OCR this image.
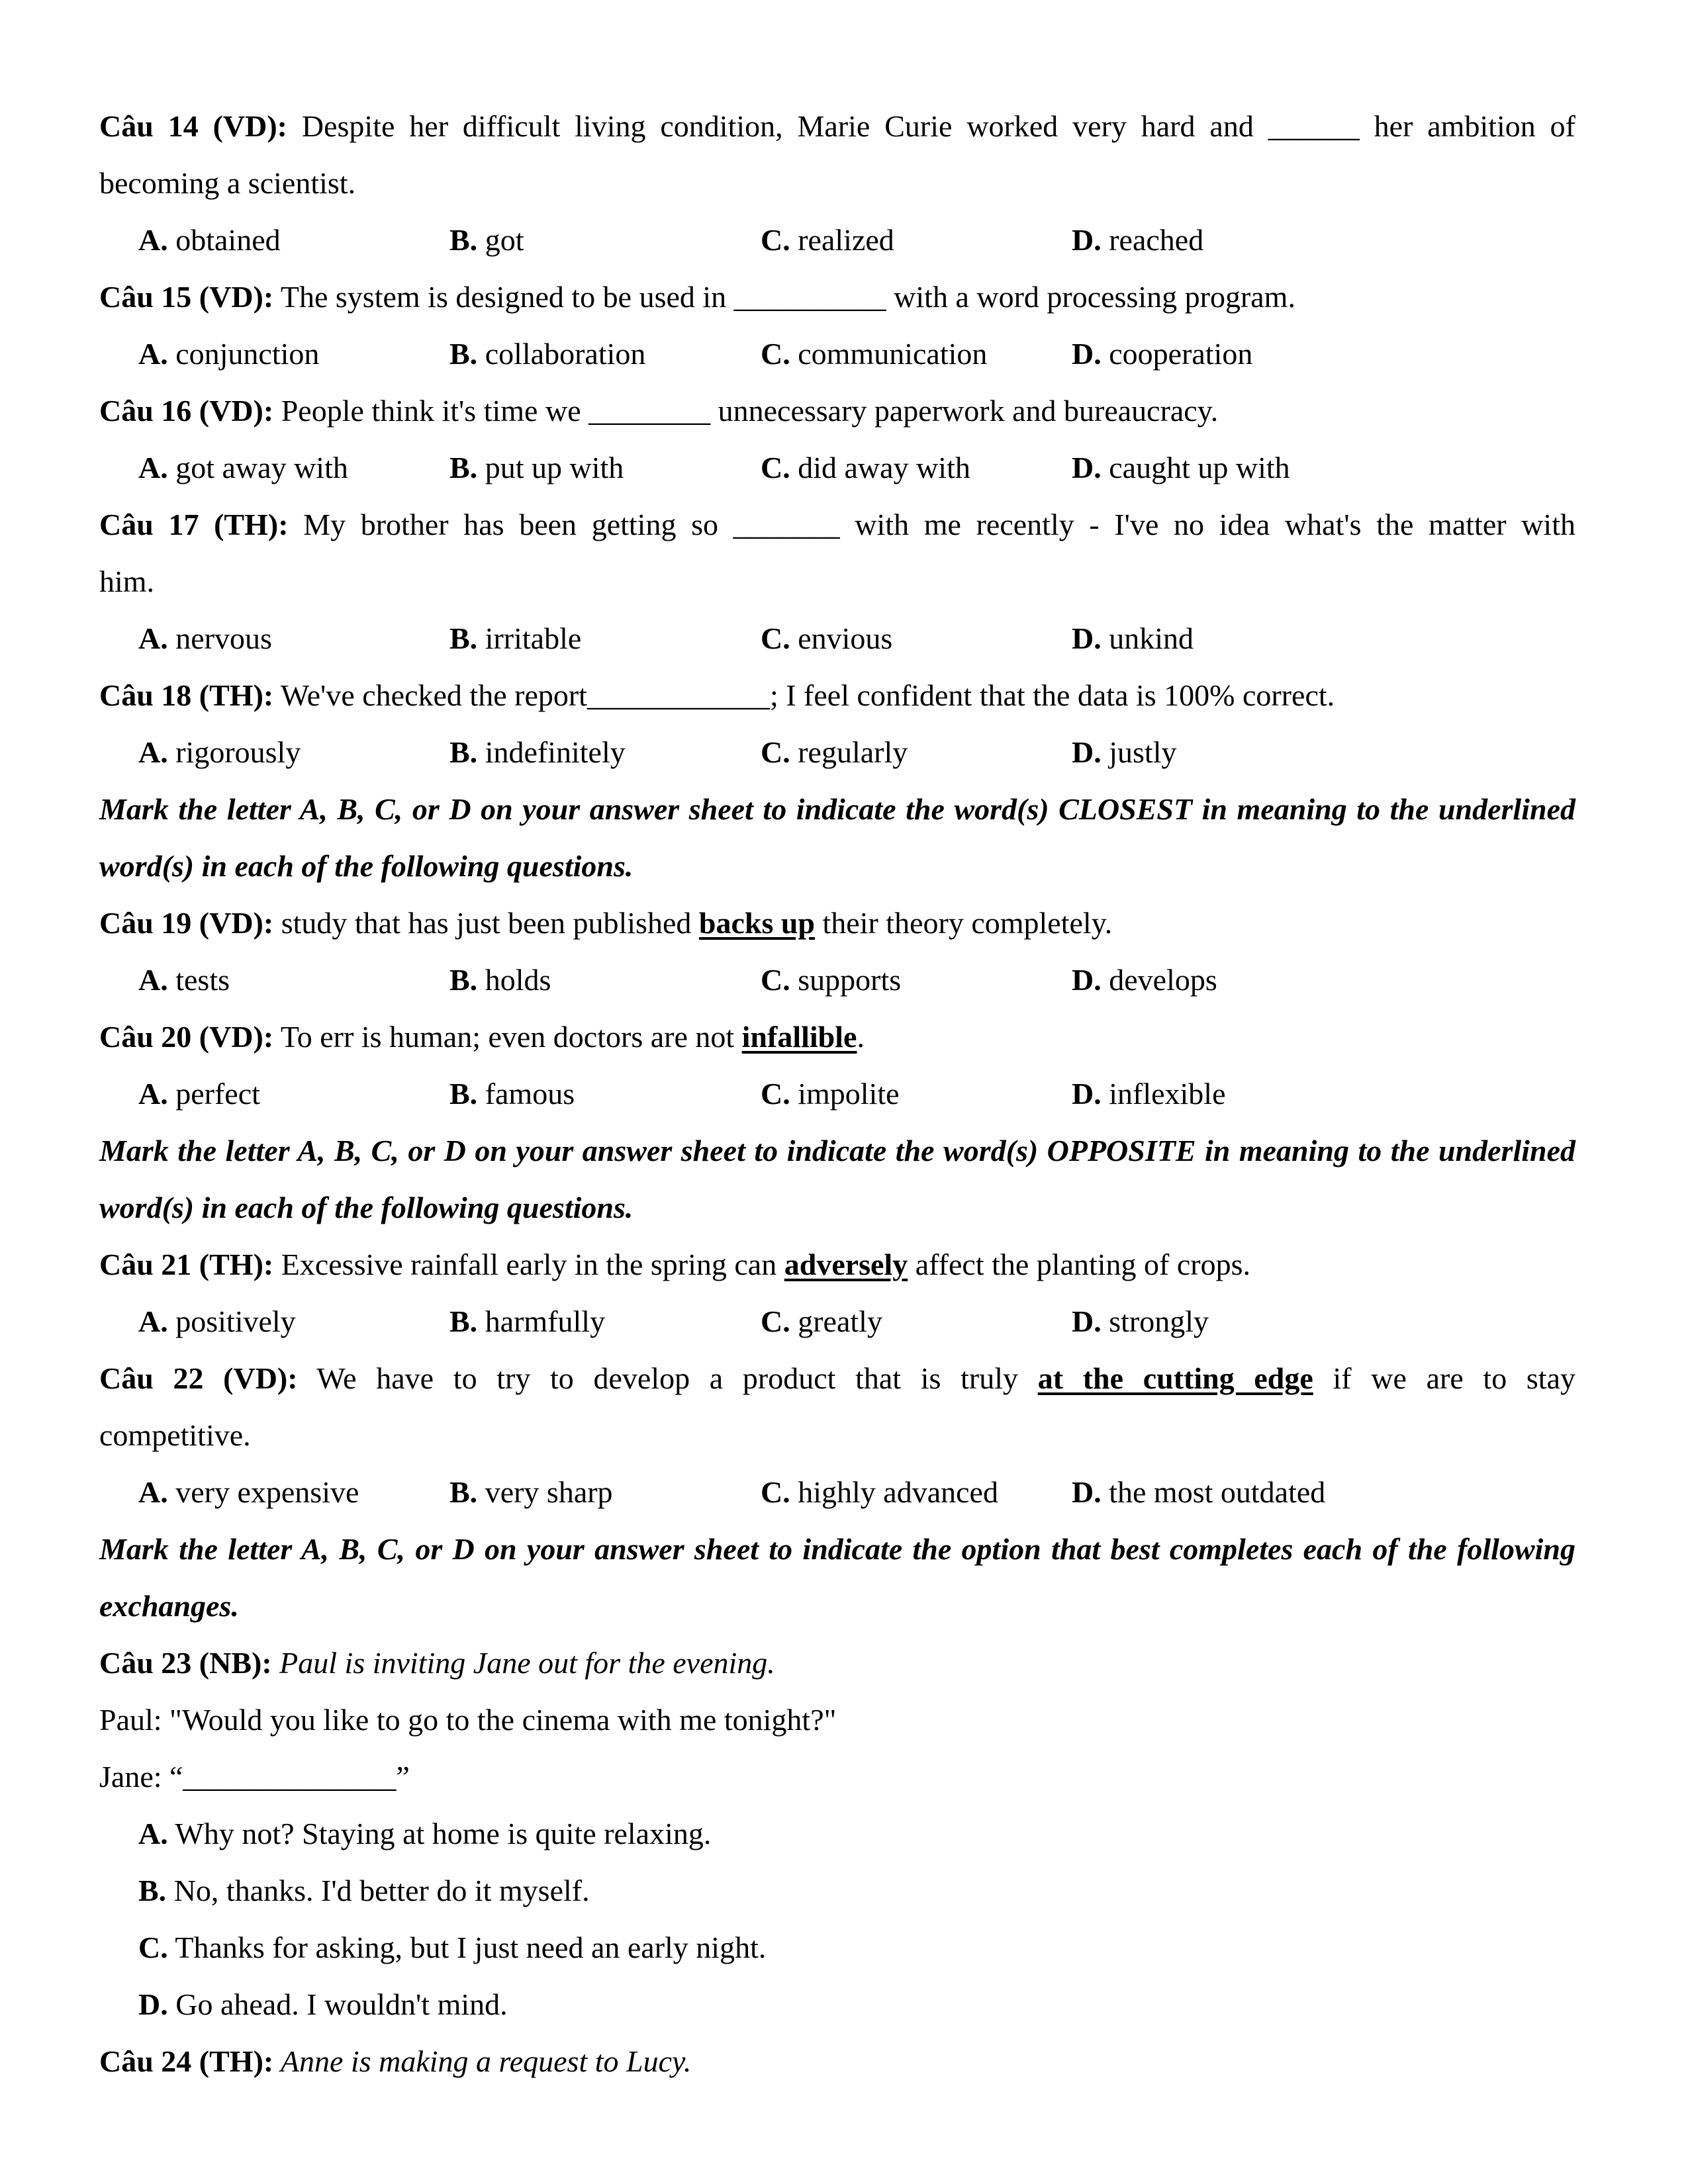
Câu 14 (VD): Despite her difficult living condition, Marie Curie worked very hard and ______ her ambition of
becoming a scientist.
A. obtained	B. got	C. realized	D. reached
Câu 15 (VD): The system is designed to be used in __________ with a word processing program.
A. conjunction	B. collaboration	C. communication	D. cooperation
Câu 16 (VD): People think it's time we ________ unnecessary paperwork and bureaucracy.
A. got away with	B. put up with	C. did away with	D. caught up with
Câu 17 (TH): My brother has been getting so _______ with me recently - I've no idea what's the matter with
him.
A. nervous	B. irritable	C. envious	D. unkind
Câu 18 (TH): We've checked the report____________; I feel confident that the data is 100% correct.
A. rigorously	B. indefinitely	C. regularly	D. justly
Mark the letter A, B, C, or D on your answer sheet to indicate the word(s) CLOSEST in meaning to the underlined word(s) in each of the following questions.
Câu 19 (VD): study that has just been published backs up their theory completely.
A. tests	B. holds	C. supports	D. develops
Câu 20 (VD): To err is human; even doctors are not infallible.
A. perfect	B. famous	C. impolite	D. inflexible
Mark the letter A, B, C, or D on your answer sheet to indicate the word(s) OPPOSITE in meaning to the underlined word(s) in each of the following questions.
Câu 21 (TH): Excessive rainfall early in the spring can adversely affect the planting of crops.
A. positively	B. harmfully	C. greatly	D. strongly
Câu 22 (VD): We have to try to develop a product that is truly at the cutting edge if we are to stay
competitive.
A. very expensive	B. very sharp	C. highly advanced D. the most outdated
Mark the letter A, B, C, or D on your answer sheet to indicate the option that best completes each of the following exchanges.
Câu 23 (NB): Paul is inviting Jane out for the evening.
Paul: "Would you like to go to the cinema with me tonight?"
Jane: “______________”
A. Why not? Staying at home is quite relaxing.
B. No, thanks. I'd better do it myself.
C. Thanks for asking, but I just need an early night.
D. Go ahead. I wouldn't mind.
Câu 24 (TH): Anne is making a request to Lucy.
